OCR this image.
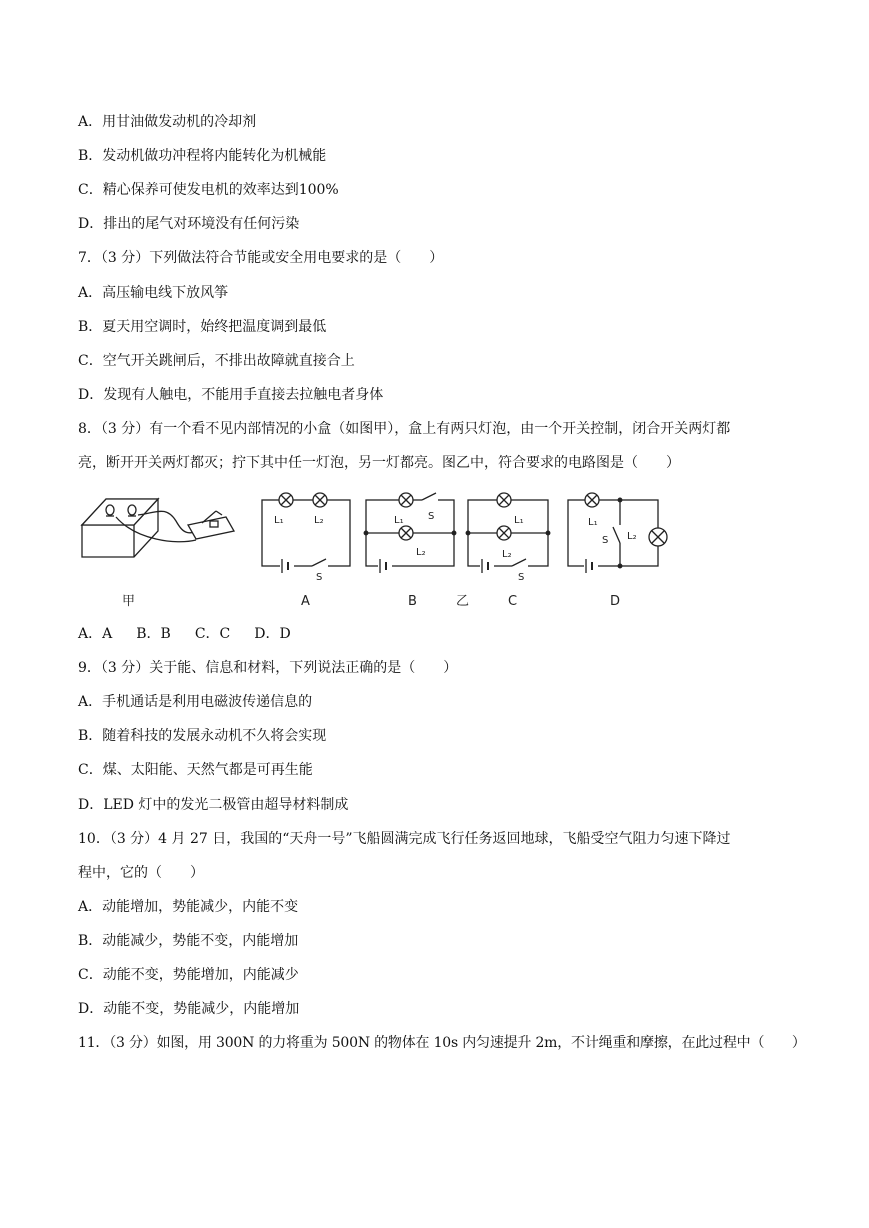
A．用甘油做发动机的冷却剂
B．发动机做功冲程将内能转化为机械能
C．精心保养可使发电机的效率达到100%
D．排出的尾气对环境没有任何污染
7．（3 分）下列做法符合节能或安全用电要求的是（　　）
A．高压输电线下放风筝
B．夏天用空调时，始终把温度调到最低
C．空气开关跳闸后，不排出故障就直接合上
D．发现有人触电，不能用手直接去拉触电者身体
8．（3 分）有一个看不见内部情况的小盒（如图甲），盒上有两只灯泡，由一个开关控制，闭合开关两灯都
亮，断开开关两灯都灭；拧下其中任一灯泡，另一灯都亮。图乙中，符合要求的电路图是（　　）
甲
L₁	L₂
S
A
L₁ S
L₂
B	乙
L₁
L₂
S
C
L₁
S L₂
D
A．A B．B C．C D．D
9．（3 分）关于能、信息和材料，下列说法正确的是（　　）
A．手机通话是利用电磁波传递信息的
B．随着科技的发展永动机不久将会实现
C．煤、太阳能、天然气都是可再生能
D．LED 灯中的发光二极管由超导材料制成
10．（3 分）4 月 27 日，我国的“天舟一号”飞船圆满完成飞行任务返回地球，飞船受空气阻力匀速下降过
程中，它的（　　）
A．动能增加，势能减少，内能不变
B．动能减少，势能不变，内能增加
C．动能不变，势能增加，内能减少
D．动能不变，势能减少，内能增加
11．（3 分）如图，用 300N 的力将重为 500N 的物体在 10s 内匀速提升 2m，不计绳重和摩擦，在此过程中（　　）
